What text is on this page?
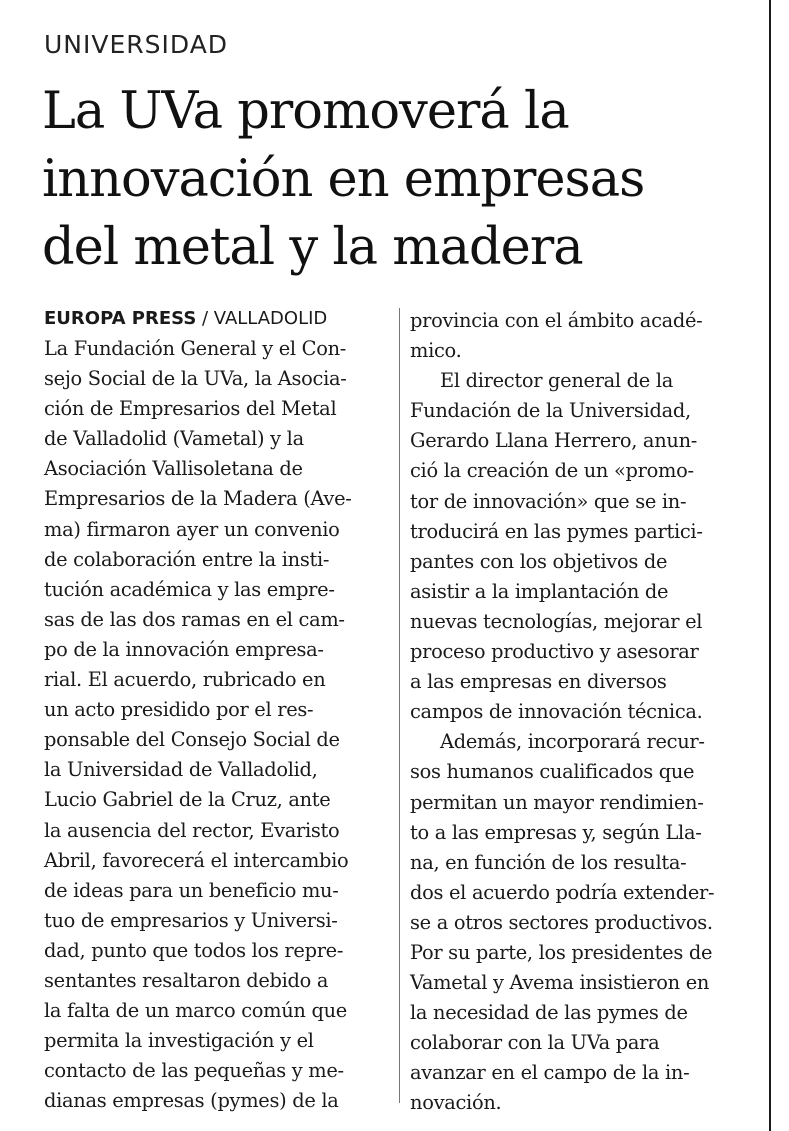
UNIVERSIDAD
La UVa promoverá la
innovación en empresas
del metal y la madera
EUROPA PRESS / VALLADOLID
La Fundación General y el Con-
sejo Social de la UVa, la Asocia-
ción de Empresarios del Metal
de Valladolid (Vametal) y la
Asociación Vallisoletana de
Empresarios de la Madera (Ave-
ma) firmaron ayer un convenio
de colaboración entre la insti-
tución académica y las empre-
sas de las dos ramas en el cam-
po de la innovación empresa-
rial. El acuerdo, rubricado en
un acto presidido por el res-
ponsable del Consejo Social de
la Universidad de Valladolid,
Lucio Gabriel de la Cruz, ante
la ausencia del rector, Evaristo
Abril, favorecerá el intercambio
de ideas para un beneficio mu-
tuo de empresarios y Universi-
dad, punto que todos los repre-
sentantes resaltaron debido a
la falta de un marco común que
permita la investigación y el
contacto de las pequeñas y me-
dianas empresas (pymes) de la
provincia con el ámbito acadé-
mico.
El director general de la
Fundación de la Universidad,
Gerardo Llana Herrero, anun-
ció la creación de un «promo-
tor de innovación» que se in-
troducirá en las pymes partici-
pantes con los objetivos de
asistir a la implantación de
nuevas tecnologías, mejorar el
proceso productivo y asesorar
a las empresas en diversos
campos de innovación técnica.
Además, incorporará recur-
sos humanos cualificados que
permitan un mayor rendimien-
to a las empresas y, según Lla-
na, en función de los resulta-
dos el acuerdo podría extender-
se a otros sectores productivos.
Por su parte, los presidentes de
Vametal y Avema insistieron en
la necesidad de las pymes de
colaborar con la UVa para
avanzar en el campo de la in-
novación.
